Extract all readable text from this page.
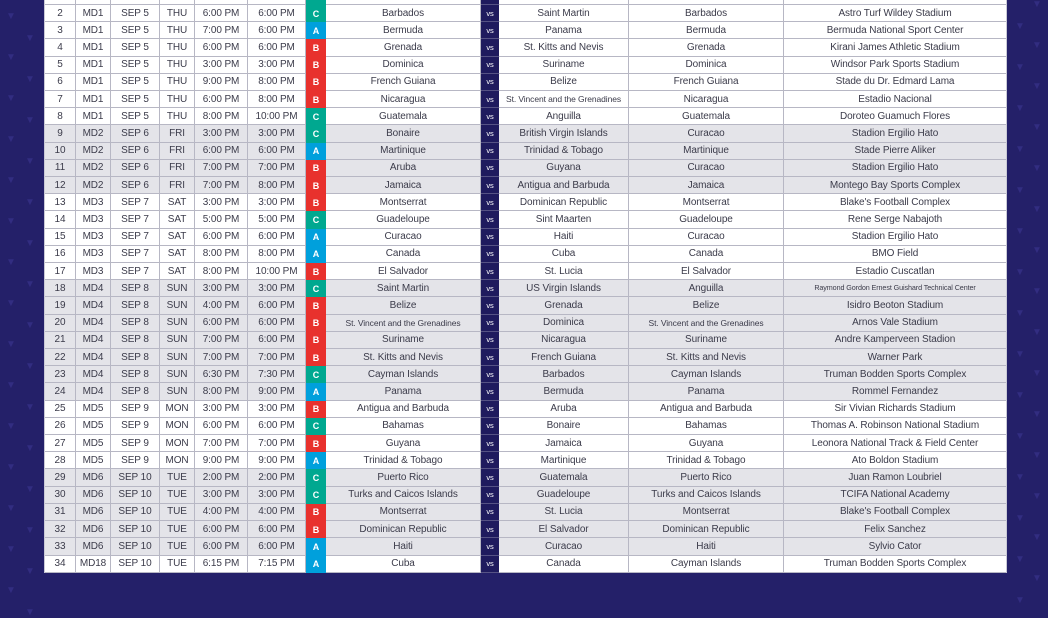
▼
▼
▼
▼
▼
▼
▼
▼
▼
▼
▼
▼
▼
▼
▼
▼
▼
▼
▼
▼
▼
▼
▼
▼
▼
▼
▼
▼
▼
▼
▼
▼
▼
▼
▼
▼
▼
▼
▼
▼
▼
▼
▼
▼
▼
▼
▼
▼
▼
▼
▼
▼
▼
▼
▼
▼
▼
▼
▼
▼
2	MD1	SEP 5	THU	6:00 PM	6:00 PM	C	Barbados	vs	Saint Martin	Barbados	Astro Turf Wildey Stadium
3	MD1	SEP 5	THU	7:00 PM	6:00 PM	A	Bermuda	vs	Panama	Bermuda	Bermuda National Sport Center
4	MD1	SEP 5	THU	6:00 PM	6:00 PM	B	Grenada	vs	St. Kitts and Nevis	Grenada	Kirani James Athletic Stadium
5	MD1	SEP 5	THU	3:00 PM	3:00 PM	B	Dominica	vs	Suriname	Dominica	Windsor Park Sports Stadium
6	MD1	SEP 5	THU	9:00 PM	8:00 PM	B	French Guiana	vs	Belize	French Guiana	Stade du Dr. Edmard Lama
7	MD1	SEP 5	THU	6:00 PM	8:00 PM	B	Nicaragua	vs	St. Vincent and the Grenadines	Nicaragua	Estadio Nacional
8	MD1	SEP 5	THU	8:00 PM	10:00 PM	C	Guatemala	vs	Anguilla	Guatemala	Doroteo Guamuch Flores
9	MD2	SEP 6	FRI	3:00 PM	3:00 PM	C	Bonaire	vs	British Virgin Islands	Curacao	Stadion Ergilio Hato
10	MD2	SEP 6	FRI	6:00 PM	6:00 PM	A	Martinique	vs	Trinidad & Tobago	Martinique	Stade Pierre Aliker
11	MD2	SEP 6	FRI	7:00 PM	7:00 PM	B	Aruba	vs	Guyana	Curacao	Stadion Ergilio Hato
12	MD2	SEP 6	FRI	7:00 PM	8:00 PM	B	Jamaica	vs	Antigua and Barbuda	Jamaica	Montego Bay Sports Complex
13	MD3	SEP 7	SAT	3:00 PM	3:00 PM	B	Montserrat	vs	Dominican Republic	Montserrat	Blake's Football Complex
14	MD3	SEP 7	SAT	5:00 PM	5:00 PM	C	Guadeloupe	vs	Sint Maarten	Guadeloupe	Rene Serge Nabajoth
15	MD3	SEP 7	SAT	6:00 PM	6:00 PM	A	Curacao	vs	Haiti	Curacao	Stadion Ergilio Hato
16	MD3	SEP 7	SAT	8:00 PM	8:00 PM	A	Canada	vs	Cuba	Canada	BMO Field
17	MD3	SEP 7	SAT	8:00 PM	10:00 PM	B	El Salvador	vs	St. Lucia	El Salvador	Estadio Cuscatlan
18	MD4	SEP 8	SUN	3:00 PM	3:00 PM	C	Saint Martin	vs	US Virgin Islands	Anguilla	Raymond Gordon Ernest Guishard Technical Center
19	MD4	SEP 8	SUN	4:00 PM	6:00 PM	B	Belize	vs	Grenada	Belize	Isidro Beoton Stadium
20	MD4	SEP 8	SUN	6:00 PM	6:00 PM	B	St. Vincent and the Grenadines	vs	Dominica	St. Vincent and the Grenadines	Arnos Vale Stadium
21	MD4	SEP 8	SUN	7:00 PM	6:00 PM	B	Suriname	vs	Nicaragua	Suriname	Andre Kamperveen Stadion
22	MD4	SEP 8	SUN	7:00 PM	7:00 PM	B	St. Kitts and Nevis	vs	French Guiana	St. Kitts and Nevis	Warner Park
23	MD4	SEP 8	SUN	6:30 PM	7:30 PM	C	Cayman Islands	vs	Barbados	Cayman Islands	Truman Bodden Sports Complex
24	MD4	SEP 8	SUN	8:00 PM	9:00 PM	A	Panama	vs	Bermuda	Panama	Rommel Fernandez
25	MD5	SEP 9	MON	3:00 PM	3:00 PM	B	Antigua and Barbuda	vs	Aruba	Antigua and Barbuda	Sir Vivian Richards Stadium
26	MD5	SEP 9	MON	6:00 PM	6:00 PM	C	Bahamas	vs	Bonaire	Bahamas	Thomas A. Robinson National Stadium
27	MD5	SEP 9	MON	7:00 PM	7:00 PM	B	Guyana	vs	Jamaica	Guyana	Leonora National Track & Field Center
28	MD5	SEP 9	MON	9:00 PM	9:00 PM	A	Trinidad & Tobago	vs	Martinique	Trinidad & Tobago	Ato Boldon Stadium
29	MD6	SEP 10	TUE	2:00 PM	2:00 PM	C	Puerto Rico	vs	Guatemala	Puerto Rico	Juan Ramon Loubriel
30	MD6	SEP 10	TUE	3:00 PM	3:00 PM	C	Turks and Caicos Islands	vs	Guadeloupe	Turks and Caicos Islands	TCIFA National Academy
31	MD6	SEP 10	TUE	4:00 PM	4:00 PM	B	Montserrat	vs	St. Lucia	Montserrat	Blake's Football Complex
32	MD6	SEP 10	TUE	6:00 PM	6:00 PM	B	Dominican Republic	vs	El Salvador	Dominican Republic	Felix Sanchez
33	MD6	SEP 10	TUE	6:00 PM	6:00 PM	A	Haiti	vs	Curacao	Haiti	Sylvio Cator
34	MD18	SEP 10	TUE	6:15 PM	7:15 PM	A	Cuba	vs	Canada	Cayman Islands	Truman Bodden Sports Complex
